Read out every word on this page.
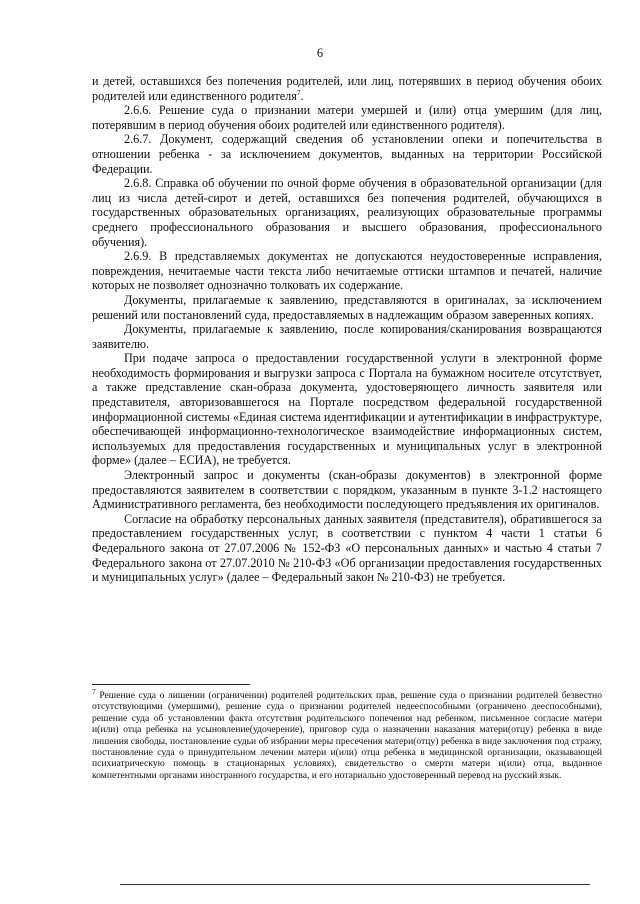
6

и детей, оставшихся без попечения родителей, или лиц, потерявших в период обучения обоих родителей или единственного родителя$^7$.

2.6.6. Решение суда о признании матери умершей и (или) отца умершим (для лиц, потерявшим в период обучения обоих родителей или единственного родителя).

2.6.7. Документ, содержащий сведения об установлении опеки и попечительства в отношении ребенка - за исключением документов, выданных на территории Российской Федерации.

2.6.8. Справка об обучении по очной форме обучения в образовательной организации (для лиц из числа детей-сирот и детей, оставшихся без попечения родителей, обучающихся в государственных образовательных организациях, реализующих образовательные программы среднего профессионального образования и высшего образования, профессионального обучения).

2.6.9. В представляемых документах не допускаются неудостоверенные исправления, повреждения, нечитаемые части текста либо нечитаемые оттиски штампов и печатей, наличие которых не позволяет однозначно толковать их содержание.

Документы, прилагаемые к заявлению, представляются в оригиналах, за исключением решений или постановлений суда, предоставляемых в надлежащим образом заверенных копиях.

Документы, прилагаемые к заявлению, после копирования/сканирования возвращаются заявителю.

При подаче запроса о предоставлении государственной услуги в электронной форме необходимость формирования и выгрузки запроса с Портала на бумажном носителе отсутствует, а также представление скан-образа документа, удостоверяющего личность заявителя или представителя, авторизовавшегося на Портале посредством федеральной государственной информационной системы «Единая система идентификации и аутентификации в инфраструктуре, обеспечивающей информационно-технологическое взаимодействие информационных систем, используемых для предоставления государственных и муниципальных услуг в электронной форме» (далее – ЕСИА), не требуется.

Электронный запрос и документы (скан-образы документов) в электронной форме предоставляются заявителем в соответствии с порядком, указанным в пункте 3-1.2 настоящего Административного регламента, без необходимости последующего предъявления их оригиналов.

Согласие на обработку персональных данных заявителя (представителя), обратившегося за предоставлением государственных услуг, в соответствии с пунктом 4 части 1 статьи 6 Федерального закона от 27.07.2006 № 152-ФЗ «О персональных данных» и частью 4 статьи 7 Федерального закона от 27.07.2010 № 210-ФЗ «Об организации предоставления государственных и муниципальных услуг» (далее – Федеральный закон № 210-ФЗ) не требуется.

$^7$ Решение суда о лишении (ограничении) родителей родительских прав, решение суда о признании родителей безвестно отсутствующими (умершими), решение суда о признании родителей недееспособными (ограничено дееспособными), решение суда об установлении факта отсутствия родительского попечения над ребенком, письменное согласие матери и(или) отца ребенка на усыновление(удочерение), приговор суда о назначении наказания матери(отцу) ребенка в виде лишения свободы, постановление судьи об избрании меры пресечения матери(отцу) ребенка в виде заключения под стражу, постановление суда о принудительном лечении матери и(или) отца ребенка в медицинской организации, оказывающей психиатрическую помощь в стационарных условиях), свидетельство о смерти матери и(или) отца, выданное компетентными органами иностранного государства, и его нотариально удостоверенный перевод на русский язык.
